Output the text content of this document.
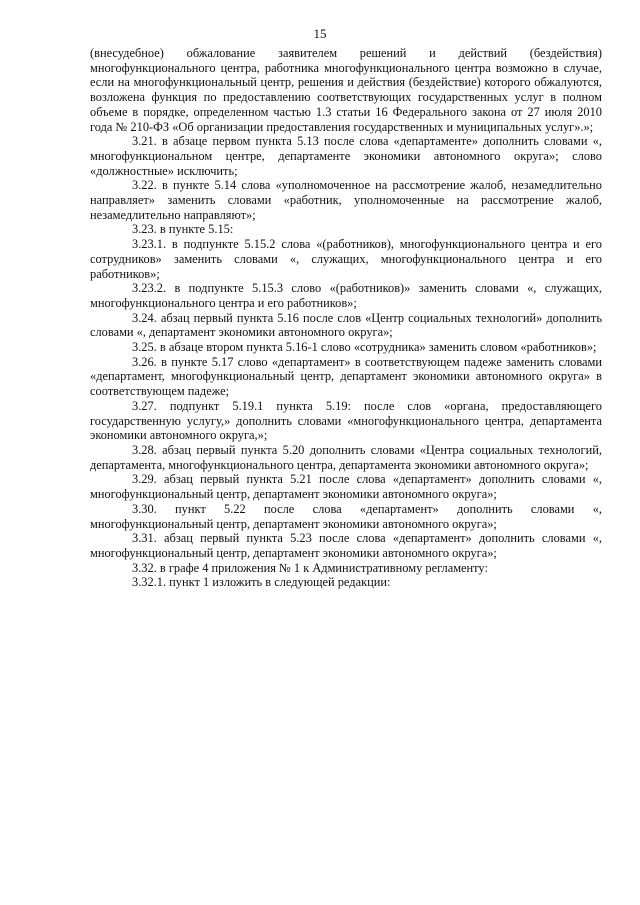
15

(внесудебное) обжалование заявителем решений и действий (бездействия) многофункционального центра, работника многофункционального центра возможно в случае, если на многофункциональный центр, решения и действия (бездействие) которого обжалуются, возложена функция по предоставлению соответствующих государственных услуг в полном объеме в порядке, определенном частью 1.3 статьи 16 Федерального закона от 27 июля 2010 года № 210-ФЗ «Об организации предоставления государственных и муниципальных услуг».»;

3.21. в абзаце первом пункта 5.13 после слова «департаменте» дополнить словами «, многофункциональном центре, департаменте экономики автономного округа»; слово «должностные» исключить;

3.22. в пункте 5.14 слова «уполномоченное на рассмотрение жалоб, незамедлительно направляет» заменить словами «работник, уполномоченные на рассмотрение жалоб, незамедлительно направляют»;

3.23. в пункте 5.15:

3.23.1. в подпункте 5.15.2 слова «(работников), многофункционального центра и его сотрудников» заменить словами «, служащих, многофункционального центра и его работников»;

3.23.2. в подпункте 5.15.3 слово «(работников)» заменить словами «, служащих, многофункционального центра и его работников»;

3.24. абзац первый пункта 5.16 после слов «Центр социальных технологий» дополнить словами «, департамент экономики автономного округа»;

3.25. в абзаце втором пункта 5.16-1 слово «сотрудника» заменить словом «работников»;

3.26. в пункте 5.17 слово «департамент» в соответствующем падеже заменить словами «департамент, многофункциональный центр, департамент экономики автономного округа» в соответствующем падеже;

3.27. подпункт 5.19.1 пункта 5.19: после слов «органа, предоставляющего государственную услугу,» дополнить словами «многофункционального центра, департамента экономики автономного округа,»;

3.28. абзац первый пункта 5.20 дополнить словами «Центра социальных технологий, департамента, многофункционального центра, департамента экономики автономного округа»;

3.29. абзац первый пункта 5.21 после слова «департамент» дополнить словами «, многофункциональный центр, департамент экономики автономного округа»;

3.30. пункт 5.22 после слова «департамент» дополнить словами «, многофункциональный центр, департамент экономики автономного округа»;

3.31. абзац первый пункта 5.23 после слова «департамент» дополнить словами «, многофункциональный центр, департамент экономики автономного округа»;

3.32. в графе 4 приложения № 1 к Административному регламенту:

3.32.1. пункт 1 изложить в следующей редакции:
